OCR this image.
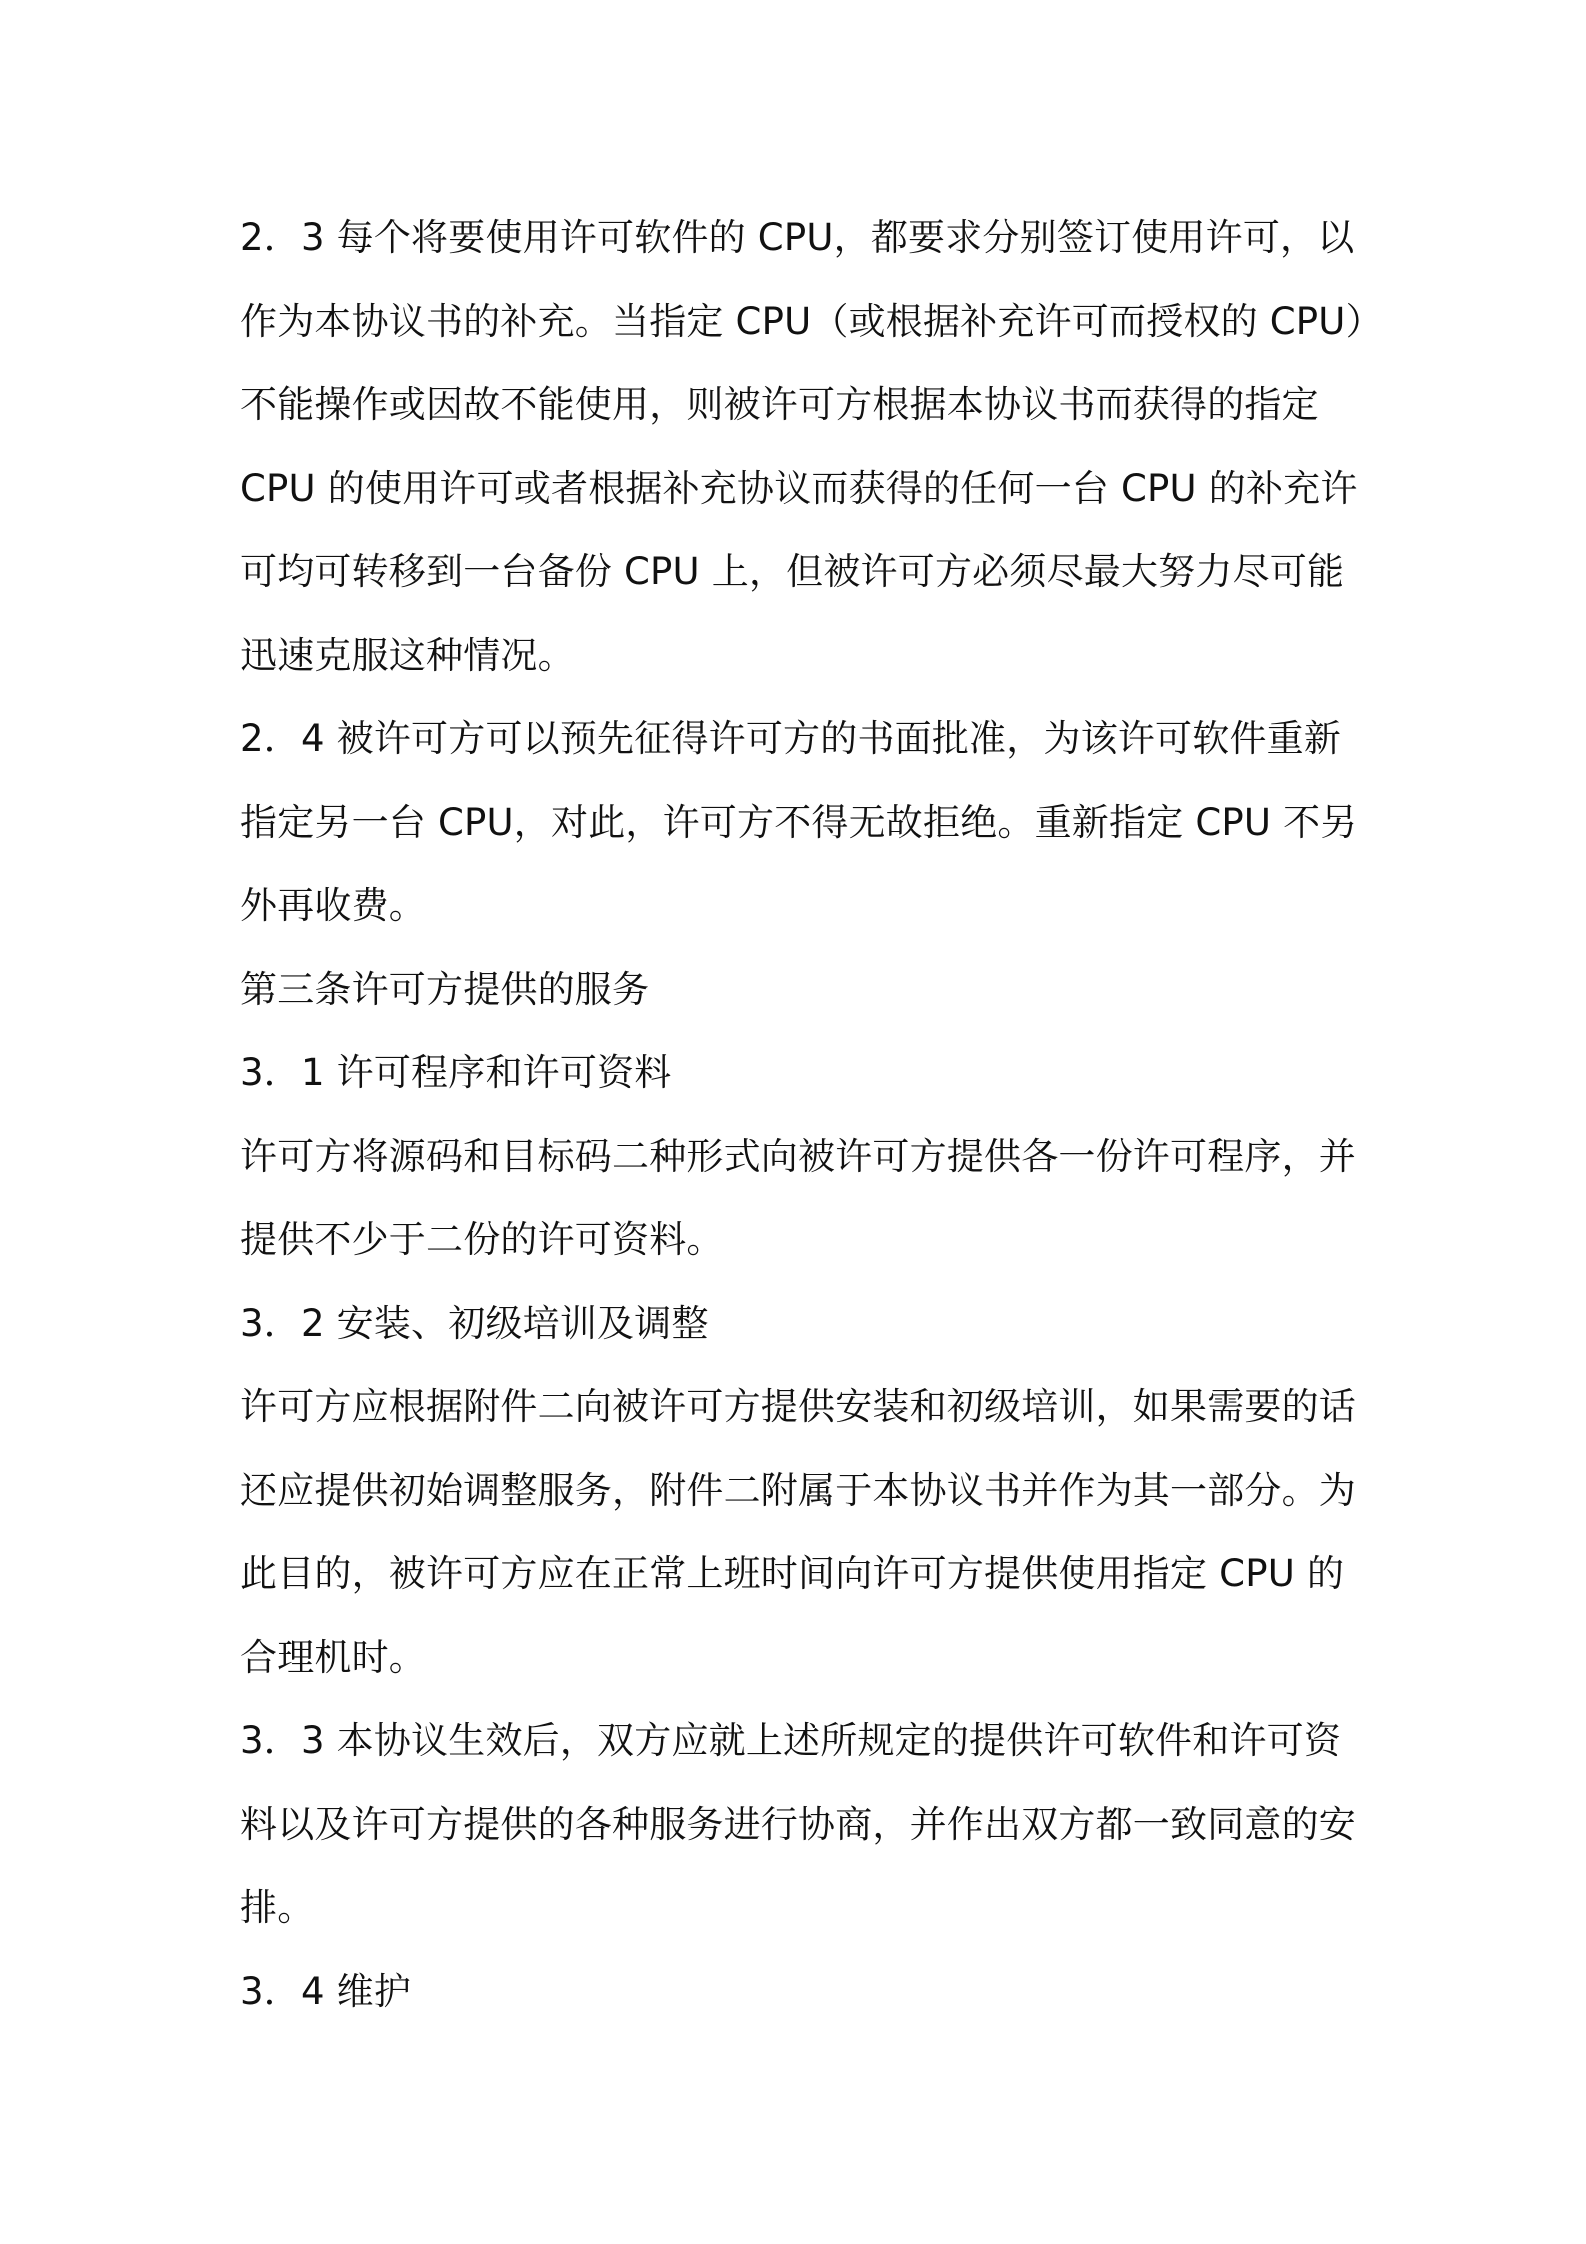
2．3 每个将要使用许可软件的 CPU，都要求分别签订使用许可，以
作为本协议书的补充。当指定 CPU（或根据补充许可而授权的 CPU）
不能操作或因故不能使用，则被许可方根据本协议书而获得的指定
CPU 的使用许可或者根据补充协议而获得的任何一台 CPU 的补充许
可均可转移到一台备份 CPU 上，但被许可方必须尽最大努力尽可能
迅速克服这种情况。
2．4 被许可方可以预先征得许可方的书面批准，为该许可软件重新
指定另一台 CPU，对此，许可方不得无故拒绝。重新指定 CPU 不另
外再收费。
第三条许可方提供的服务
3．1 许可程序和许可资料
许可方将源码和目标码二种形式向被许可方提供各一份许可程序，并
提供不少于二份的许可资料。
3．2 安装、初级培训及调整
许可方应根据附件二向被许可方提供安装和初级培训，如果需要的话
还应提供初始调整服务，附件二附属于本协议书并作为其一部分。为
此目的，被许可方应在正常上班时间向许可方提供使用指定 CPU 的
合理机时。
3．3 本协议生效后，双方应就上述所规定的提供许可软件和许可资
料以及许可方提供的各种服务进行协商，并作出双方都一致同意的安
排。
3．4 维护
